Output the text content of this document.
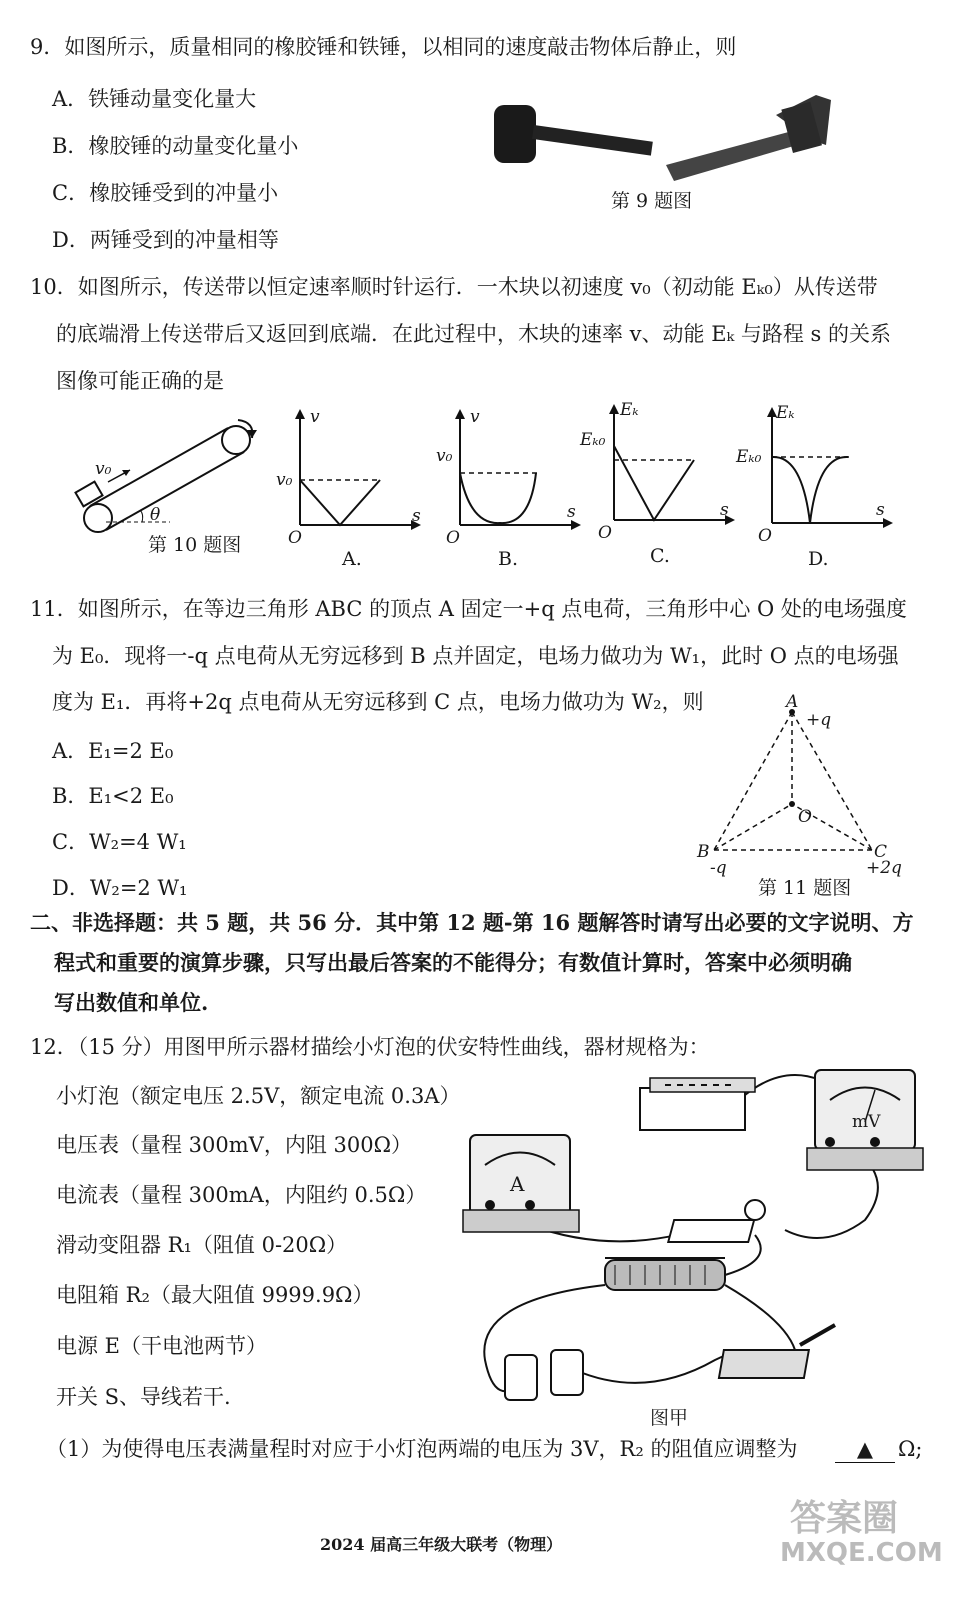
9．如图所示，质量相同的橡胶锤和铁锤，以相同的速度敲击物体后静止，则
A．铁锤动量变化量大
B．橡胶锤的动量变化量小
C．橡胶锤受到的冲量小
D．两锤受到的冲量相等
第 9 题图
10．如图所示，传送带以恒定速率顺时针运行．一木块以初速度 v₀（初动能 Eₖ₀）从传送带
的底端滑上传送带后又返回到底端．在此过程中，木块的速率 v、动能 Eₖ 与路程 s 的关系
图像可能正确的是
v₀
θ
第 10 题图
v
v₀
s
O
A.
v
v₀
s
O
B.
Eₖ
Eₖ₀
s
O
C.
Eₖ
Eₖ₀
s
O
D.
11．如图所示，在等边三角形 ABC 的顶点 A 固定一+q 点电荷，三角形中心 O 处的电场强度
为 E₀．现将一-q 点电荷从无穷远移到 B 点并固定，电场力做功为 W₁，此时 O 点的电场强
度为 E₁．再将+2q 点电荷从无穷远移到 C 点，电场力做功为 W₂，则
A．E₁=2 E₀
B．E₁<2 E₀
C．W₂=4 W₁
D．W₂=2 W₁
A
+q
O
B
-q
C
+2q
第 11 题图
二、非选择题：共 5 题，共 56 分．其中第 12 题-第 16 题解答时请写出必要的文字说明、方
程式和重要的演算步骤，只写出最后答案的不能得分；有数值计算时，答案中必须明确
写出数值和单位.
12．（15 分）用图甲所示器材描绘小灯泡的伏安特性曲线，器材规格为：
小灯泡（额定电压 2.5V，额定电流 0.3A）
电压表（量程 300mV，内阻 300Ω）
电流表（量程 300mA，内阻约 0.5Ω）
滑动变阻器 R₁（阻值 0-20Ω）
电阻箱 R₂（最大阻值 9999.9Ω）
电源 E（干电池两节）
开关 S、导线若干.
A
mV
图甲
（1）为使得电压表满量程时对应于小灯泡两端的电压为 3V，R₂ 的阻值应调整为	▲	Ω;
2024 届高三年级大联考（物理）
答案圈
MXQE.COM
